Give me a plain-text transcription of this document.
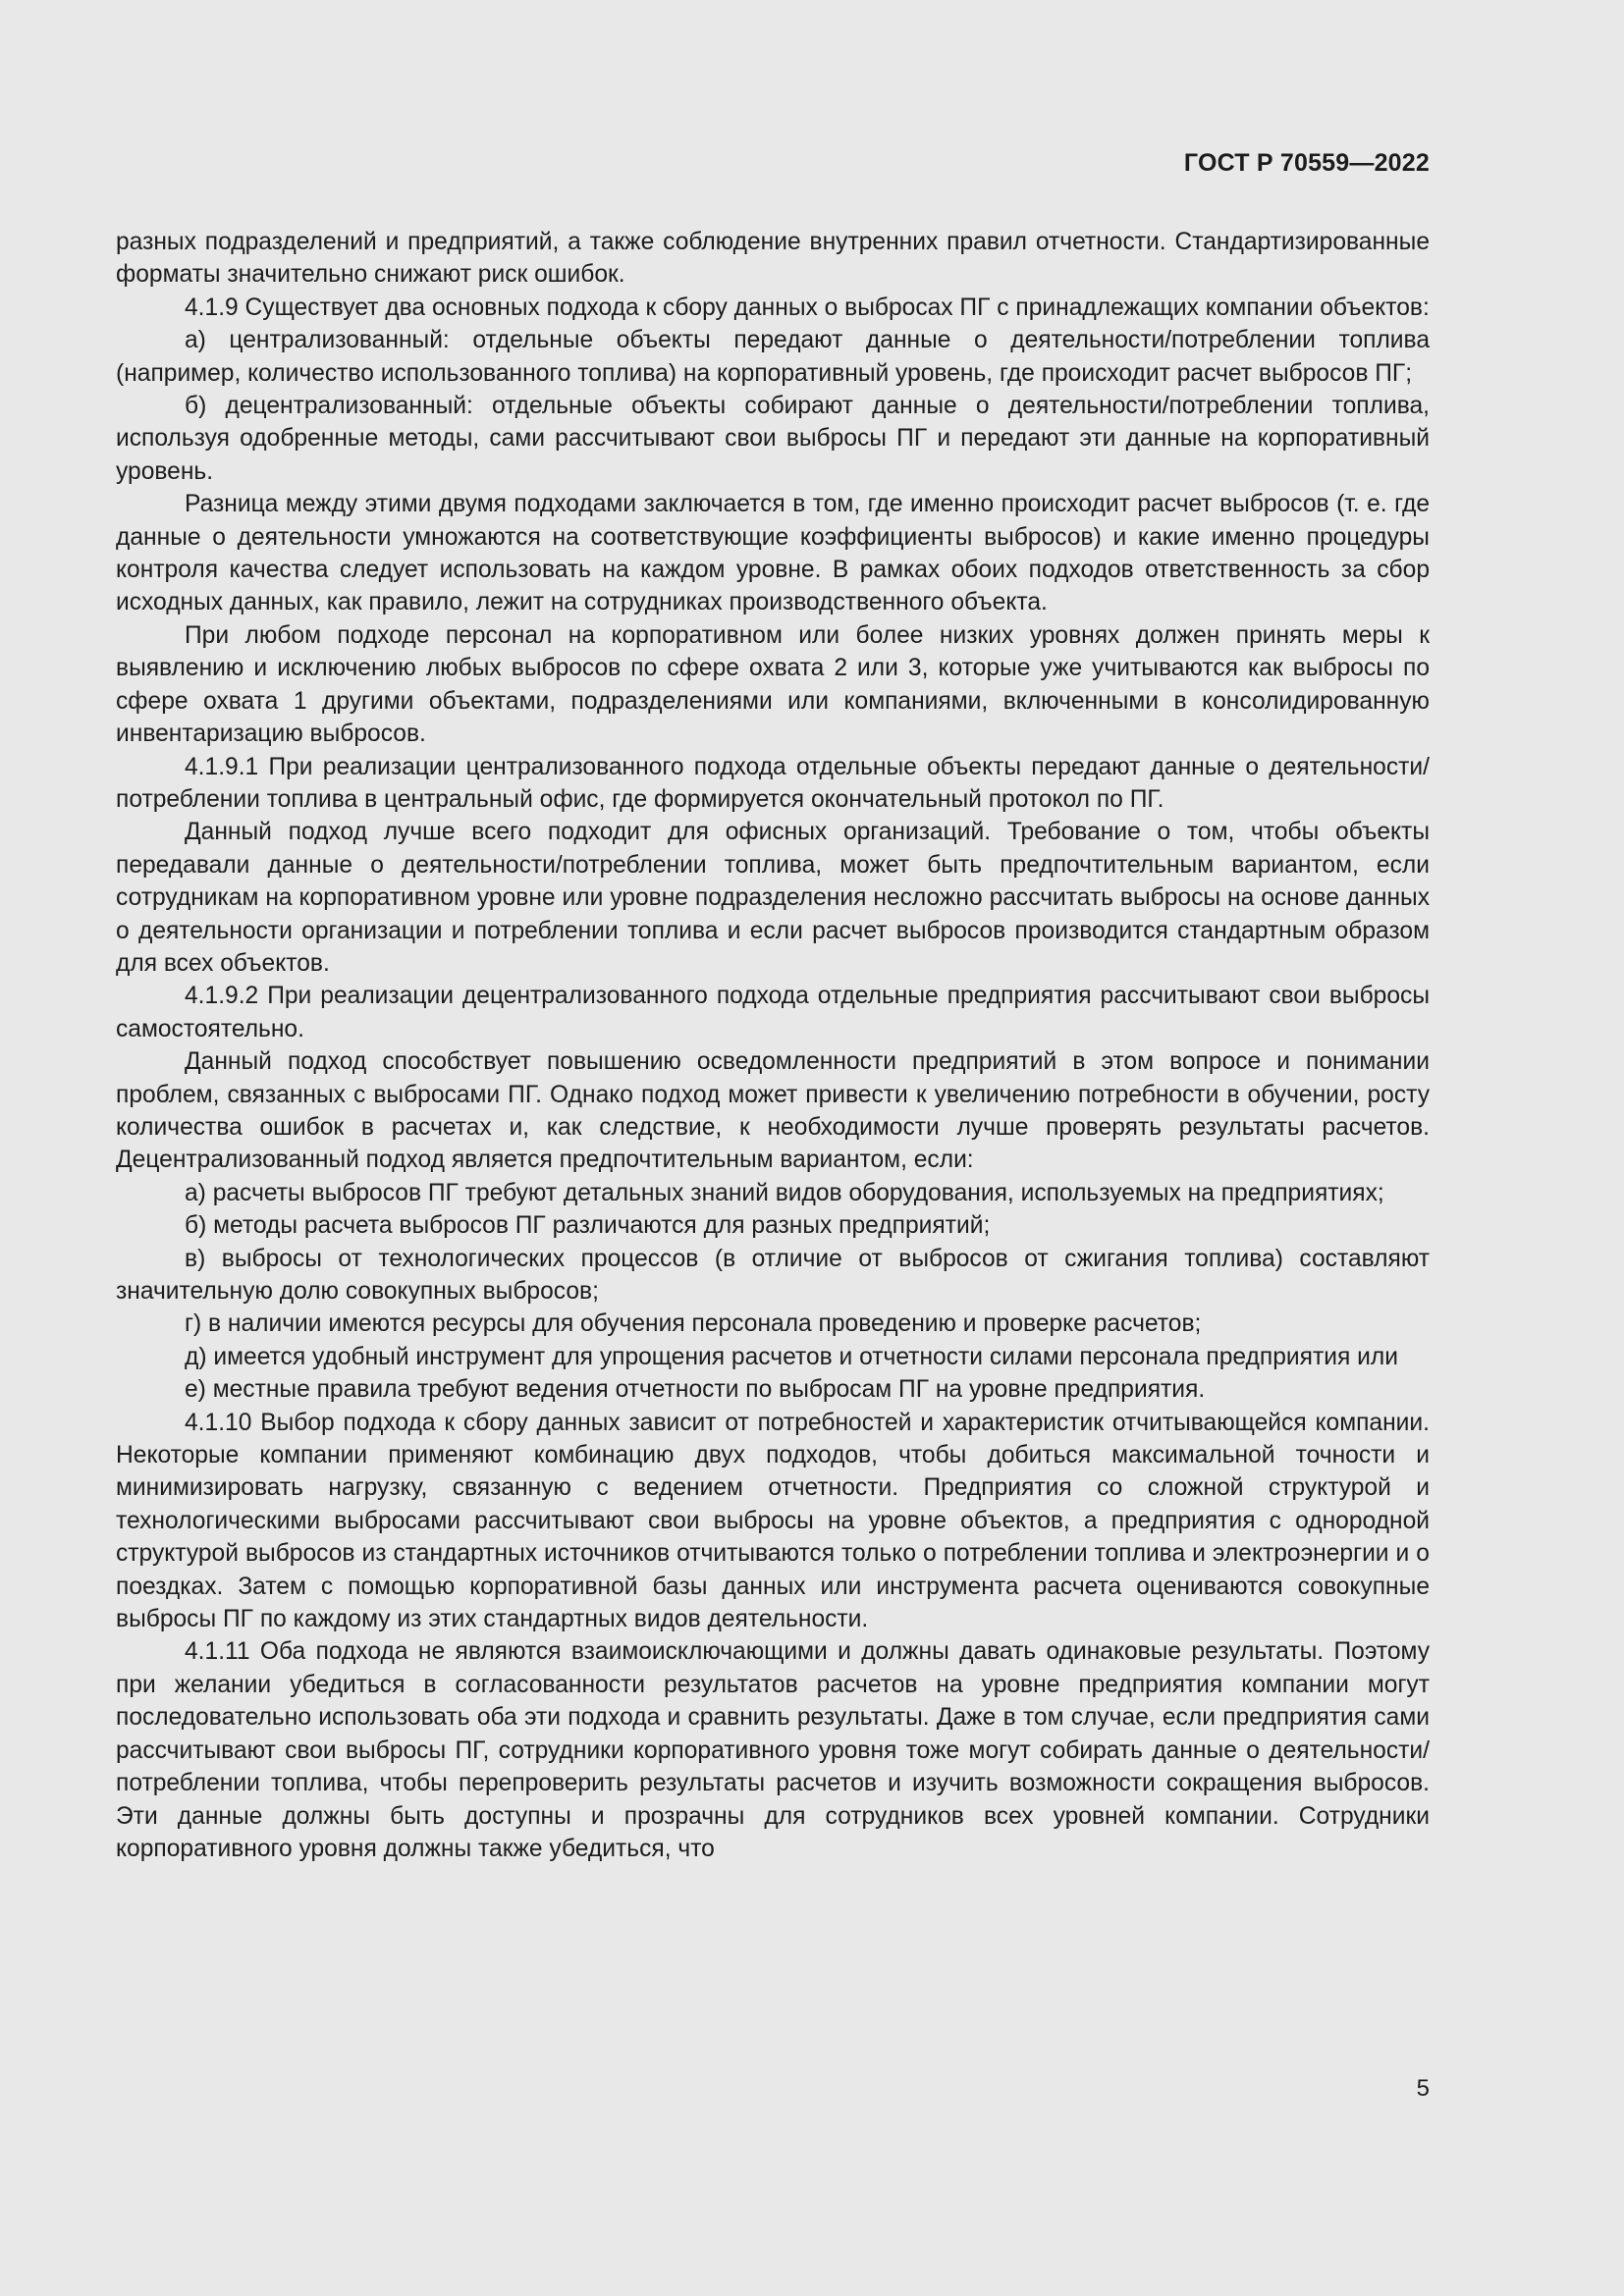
ГОСТ Р 70559—2022

разных подразделений и предприятий, а также соблюдение внутренних правил отчетности. Стандартизированные форматы значительно снижают риск ошибок.

4.1.9 Существует два основных подхода к сбору данных о выбросах ПГ с принадлежащих компании объектов:

а) централизованный: отдельные объекты передают данные о деятельности/потреблении топлива (например, количество использованного топлива) на корпоративный уровень, где происходит расчет выбросов ПГ;

б) децентрализованный: отдельные объекты собирают данные о деятельности/потреблении топлива, используя одобренные методы, сами рассчитывают свои выбросы ПГ и передают эти данные на корпоративный уровень.

Разница между этими двумя подходами заключается в том, где именно происходит расчет выбросов (т. е. где данные о деятельности умножаются на соответствующие коэффициенты выбросов) и какие именно процедуры контроля качества следует использовать на каждом уровне. В рамках обоих подходов ответственность за сбор исходных данных, как правило, лежит на сотрудниках производственного объекта.

При любом подходе персонал на корпоративном или более низких уровнях должен принять меры к выявлению и исключению любых выбросов по сфере охвата 2 или 3, которые уже учитываются как выбросы по сфере охвата 1 другими объектами, подразделениями или компаниями, включенными в консолидированную инвентаризацию выбросов.

4.1.9.1 При реализации централизованного подхода отдельные объекты передают данные о деятельности/потреблении топлива в центральный офис, где формируется окончательный протокол по ПГ.

Данный подход лучше всего подходит для офисных организаций. Требование о том, чтобы объекты передавали данные о деятельности/потреблении топлива, может быть предпочтительным вариантом, если сотрудникам на корпоративном уровне или уровне подразделения несложно рассчитать выбросы на основе данных о деятельности организации и потреблении топлива и если расчет выбросов производится стандартным образом для всех объектов.

4.1.9.2 При реализации децентрализованного подхода отдельные предприятия рассчитывают свои выбросы самостоятельно.

Данный подход способствует повышению осведомленности предприятий в этом вопросе и понимании проблем, связанных с выбросами ПГ. Однако подход может привести к увеличению потребности в обучении, росту количества ошибок в расчетах и, как следствие, к необходимости лучше проверять результаты расчетов. Децентрализованный подход является предпочтительным вариантом, если:

а) расчеты выбросов ПГ требуют детальных знаний видов оборудования, используемых на предприятиях;

б) методы расчета выбросов ПГ различаются для разных предприятий;

в) выбросы от технологических процессов (в отличие от выбросов от сжигания топлива) составляют значительную долю совокупных выбросов;

г) в наличии имеются ресурсы для обучения персонала проведению и проверке расчетов;

д) имеется удобный инструмент для упрощения расчетов и отчетности силами персонала предприятия или

е) местные правила требуют ведения отчетности по выбросам ПГ на уровне предприятия.

4.1.10 Выбор подхода к сбору данных зависит от потребностей и характеристик отчитывающейся компании. Некоторые компании применяют комбинацию двух подходов, чтобы добиться максимальной точности и минимизировать нагрузку, связанную с ведением отчетности. Предприятия со сложной структурой и технологическими выбросами рассчитывают свои выбросы на уровне объектов, а предприятия с однородной структурой выбросов из стандартных источников отчитываются только о потреблении топлива и электроэнергии и о поездках. Затем с помощью корпоративной базы данных или инструмента расчета оцениваются совокупные выбросы ПГ по каждому из этих стандартных видов деятельности.

4.1.11 Оба подхода не являются взаимоисключающими и должны давать одинаковые результаты. Поэтому при желании убедиться в согласованности результатов расчетов на уровне предприятия компании могут последовательно использовать оба эти подхода и сравнить результаты. Даже в том случае, если предприятия сами рассчитывают свои выбросы ПГ, сотрудники корпоративного уровня тоже могут собирать данные о деятельности/потреблении топлива, чтобы перепроверить результаты расчетов и изучить возможности сокращения выбросов. Эти данные должны быть доступны и прозрачны для сотрудников всех уровней компании. Сотрудники корпоративного уровня должны также убедиться, что

5
